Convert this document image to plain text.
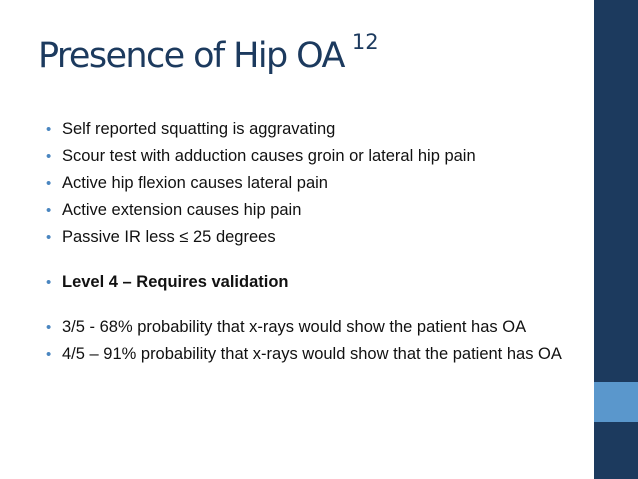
Presence of Hip OA $^{12}$
• Self reported squatting is aggravating
• Scour test with adduction causes groin or lateral hip pain
• Active hip flexion causes lateral pain
• Active extension causes hip pain
• Passive IR less ≤ 25 degrees
• Level 4 – Requires validation
• 3/5 - 68% probability that x-rays would show the patient has OA
• 4/5 – 91% probability that x-rays would show that the patient has OA
